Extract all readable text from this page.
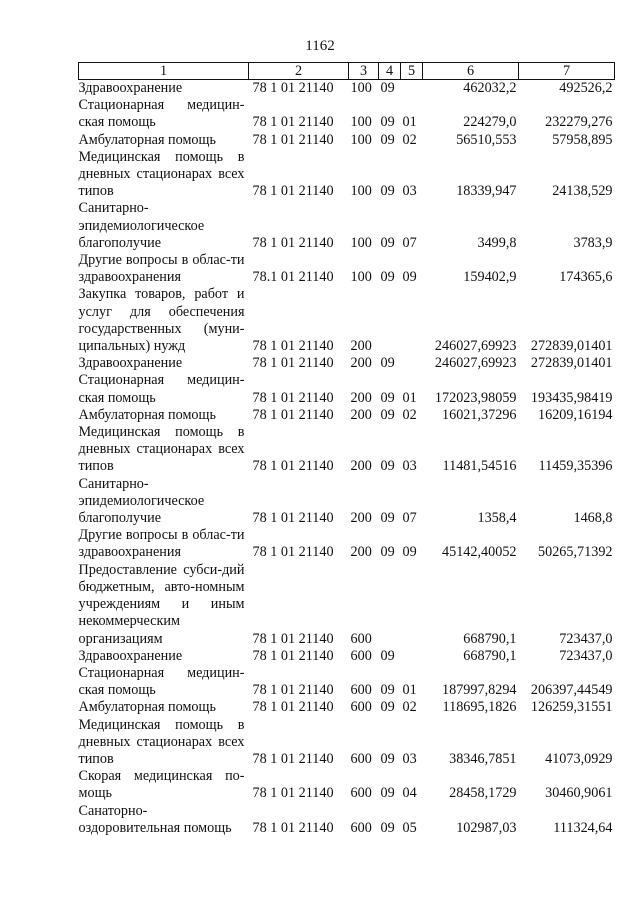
1162
1	2	3	4	5	6	7
Здравоохранение	78 1 01 21140	100	09		462032,2	492526,2
Стационарная медицин-ская помощь	78 1 01 21140	100	09	01	224279,0	232279,276
Амбулаторная помощь	78 1 01 21140	100	09	02	56510,553	57958,895
Медицинская помощь в дневных стационарах всех типов	78 1 01 21140	100	09	03	18339,947	24138,529
Санитарно-эпидемиологическое благополучие	78 1 01 21140	100	09	07	3499,8	3783,9
Другие вопросы в облас-ти здравоохранения	78.1 01 21140	100	09	09	159402,9	174365,6
Закупка товаров, работ и услуг для обеспечения государственных (муни-ципальных) нужд	78 1 01 21140	200			246027,69923	272839,01401
Здравоохранение	78 1 01 21140	200	09		246027,69923	272839,01401
Стационарная медицин-ская помощь	78 1 01 21140	200	09	01	172023,98059	193435,98419
Амбулаторная помощь	78 1 01 21140	200	09	02	16021,37296	16209,16194
Медицинская помощь в дневных стационарах всех типов	78 1 01 21140	200	09	03	11481,54516	11459,35396
Санитарно-эпидемиологическое благополучие	78 1 01 21140	200	09	07	1358,4	1468,8
Другие вопросы в облас-ти здравоохранения	78 1 01 21140	200	09	09	45142,40052	50265,71392
Предоставление субси-дий бюджетным, авто-номным учреждениям и иным некоммерческим организациям	78 1 01 21140	600			668790,1	723437,0
Здравоохранение	78 1 01 21140	600	09		668790,1	723437,0
Стационарная медицин-ская помощь	78 1 01 21140	600	09	01	187997,8294	206397,44549
Амбулаторная помощь	78 1 01 21140	600	09	02	118695,1826	126259,31551
Медицинская помощь в дневных стационарах всех типов	78 1 01 21140	600	09	03	38346,7851	41073,0929
Скорая медицинская по-мощь	78 1 01 21140	600	09	04	28458,1729	30460,9061
Санаторно-оздоровительная помощь	78 1 01 21140	600	09	05	102987,03	111324,64
